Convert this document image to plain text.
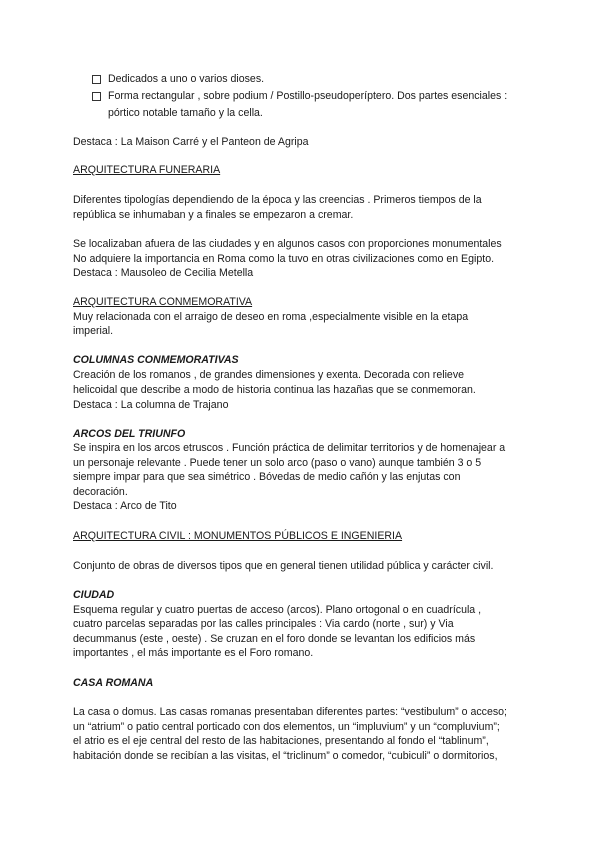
Dedicados a uno o varios dioses.
Forma rectangular , sobre podium / Postillo-pseudoperíptero. Dos partes esenciales :
pórtico notable tamaño y la cella.
Destaca : La Maison Carré y el Panteon de Agripa
ARQUITECTURA FUNERARIA
Diferentes tipologías dependiendo de la época y las creencias . Primeros tiempos de la
república se inhumaban y a finales se empezaron a cremar.
Se localizaban afuera de las ciudades y en algunos casos con proporciones monumentales
No adquiere la importancia en Roma como la tuvo en otras civilizaciones como en Egipto.
Destaca : Mausoleo de Cecilia Metella
ARQUITECTURA CONMEMORATIVA
Muy relacionada con el arraigo de deseo en roma ,especialmente visible en la etapa
imperial.
COLUMNAS CONMEMORATIVAS
Creación de los romanos , de grandes dimensiones y exenta. Decorada con relieve
helicoidal que describe a modo de historia continua las hazañas que se conmemoran.
Destaca : La columna de Trajano
ARCOS DEL TRIUNFO
Se inspira en los arcos etruscos . Función práctica de delimitar territorios y de homenajear a
un personaje relevante . Puede tener un solo arco (paso o vano) aunque también 3 o 5
siempre impar para que sea simétrico . Bóvedas de medio cañón y las enjutas con
decoración.
Destaca : Arco de Tito
ARQUITECTURA CIVIL : MONUMENTOS PÚBLICOS E INGENIERIA
Conjunto de obras de diversos tipos que en general tienen utilidad pública y carácter civil.
CIUDAD
Esquema regular y cuatro puertas de acceso (arcos). Plano ortogonal o en cuadrícula ,
cuatro parcelas separadas por las calles principales : Via cardo (norte , sur) y Via
decummanus (este , oeste) . Se cruzan en el foro donde se levantan los edificios más
importantes , el más importante es el Foro romano.
CASA ROMANA
La casa o domus. Las casas romanas presentaban diferentes partes: “vestibulum” o acceso;
un “atrium” o patio central porticado con dos elementos, un “impluvium” y un “compluvium”;
el atrio es el eje central del resto de las habitaciones, presentando al fondo el “tablinum”,
habitación donde se recibían a las visitas, el “triclinum” o comedor, “cubiculi” o dormitorios,
